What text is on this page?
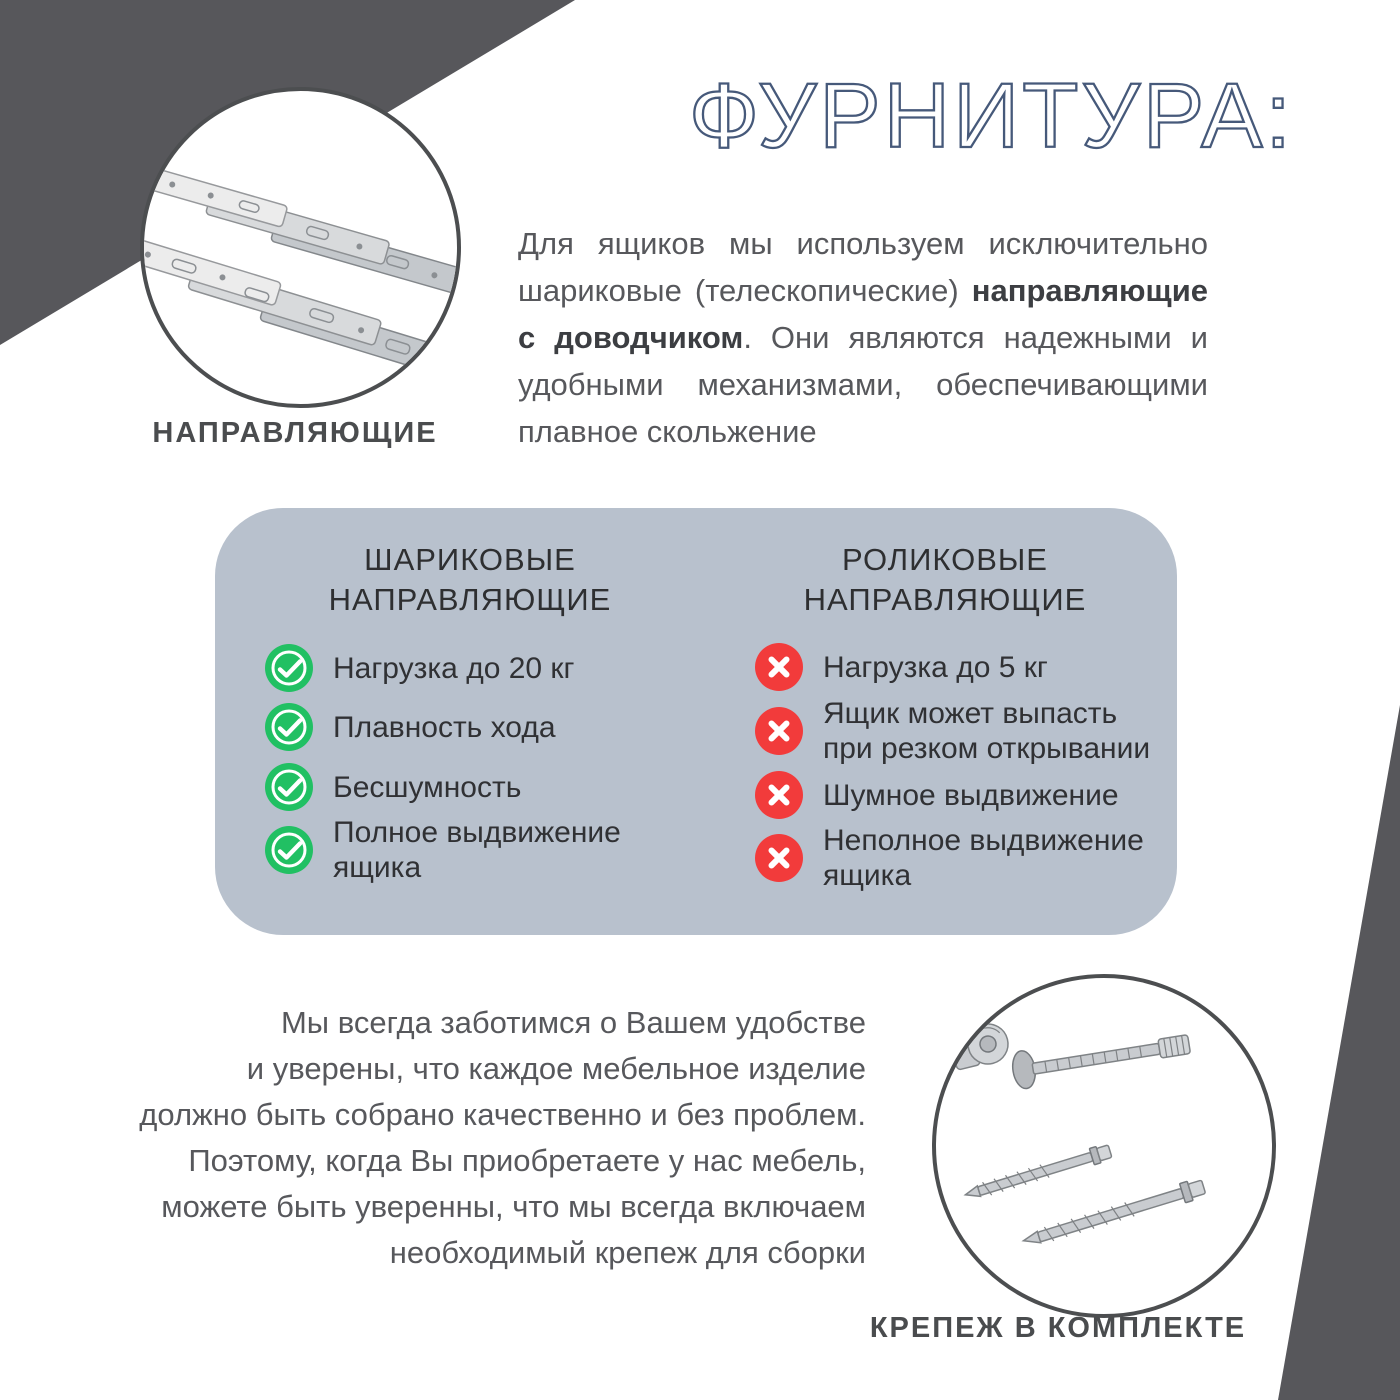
ФУРНИТУРА:
НАПРАВЛЯЮЩИЕ
Для ящиков мы используем исключительно
шариковые (телескопические) направляющие
с доводчиком. Они являются надежными и
удобными механизмами, обеспечивающими
плавное скольжение
ШАРИКОВЫЕ
НАПРАВЛЯЮЩИЕ
РОЛИКОВЫЕ
НАПРАВЛЯЮЩИЕ
Нагрузка до 20 кг
Плавность хода
Бесшумность
Полное выдвижение ящика
Нагрузка до 5 кг
Ящик может выпасть при резком открывании
Шумное выдвижение
Неполное выдвижение ящика
Мы всегда заботимся о Вашем удобстве
и уверены, что каждое мебельное изделие
должно быть собрано качественно и без проблем.
Поэтому, когда Вы приобретаете у нас мебель,
можете быть уверенны, что мы всегда включаем
необходимый крепеж для сборки
КРЕПЕЖ В КОМПЛЕКТЕ
